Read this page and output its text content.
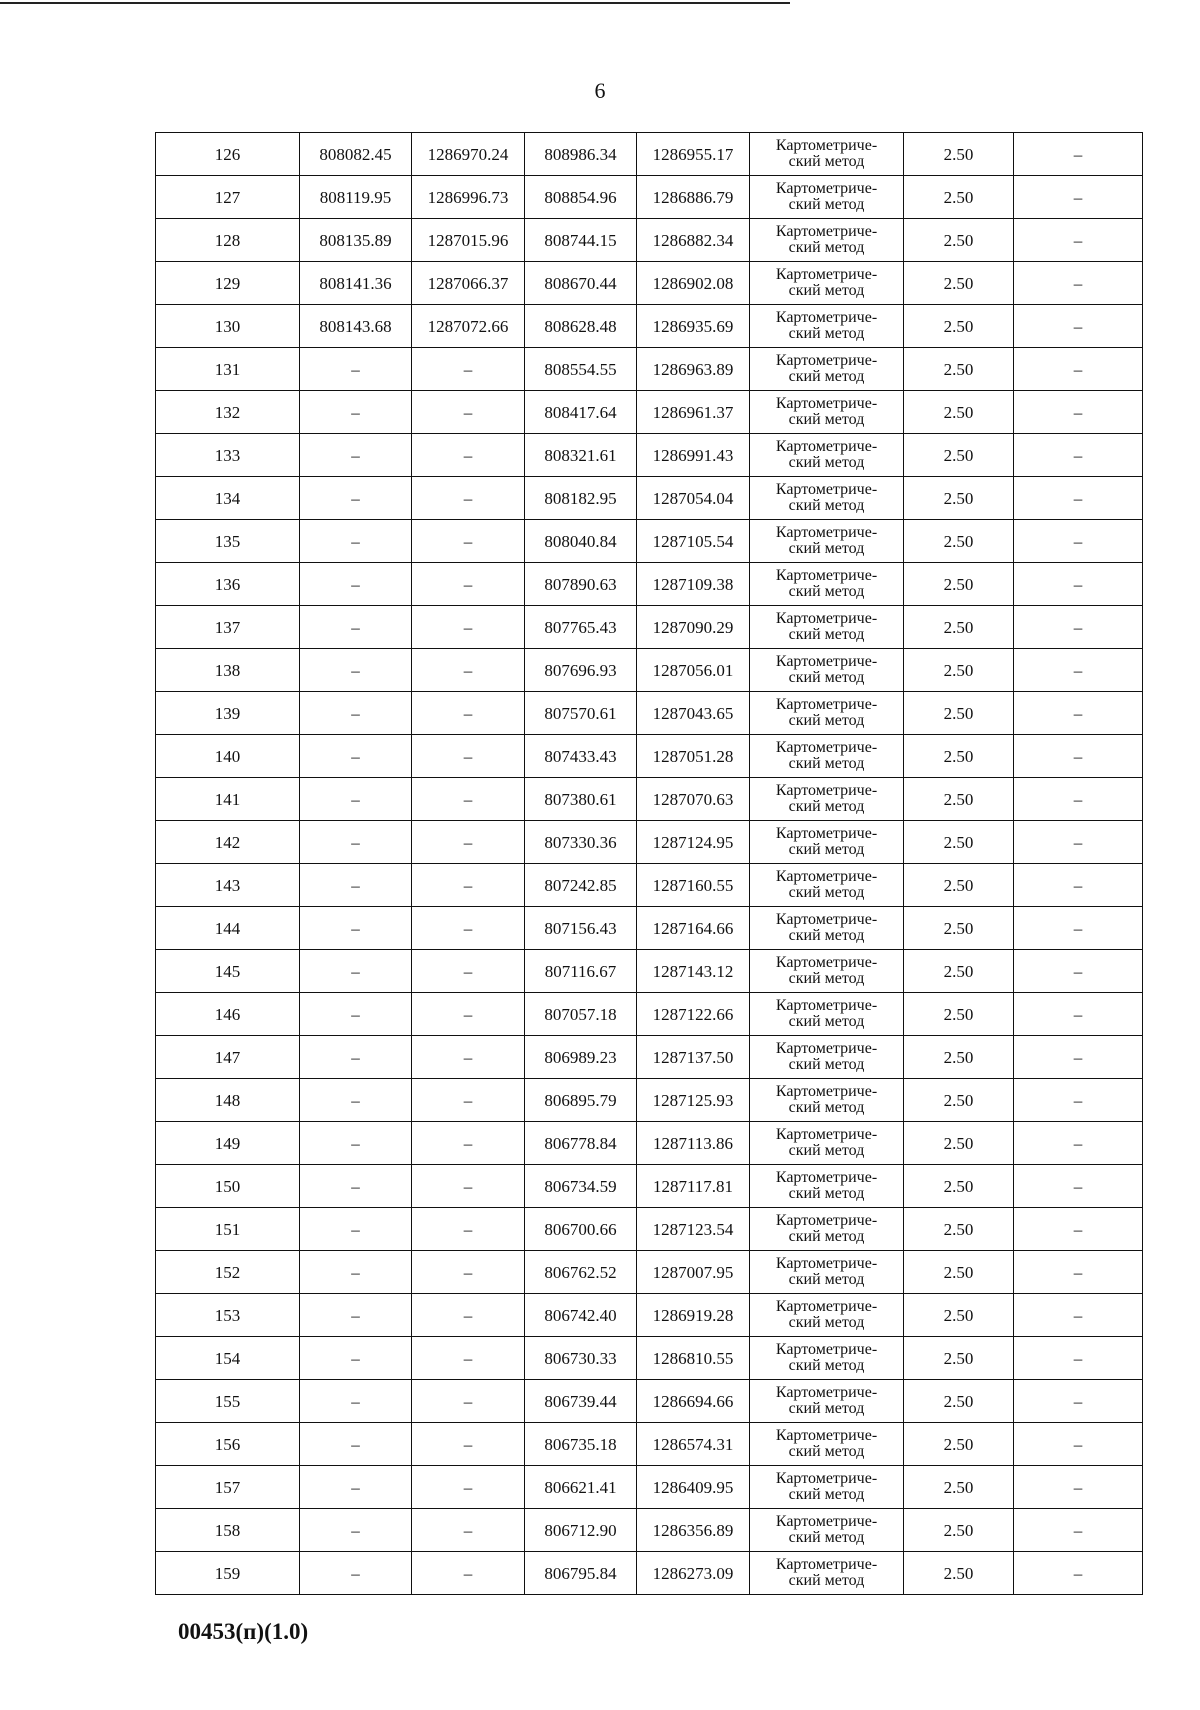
6
126	808082.45	1286970.24	808986.34	1286955.17	Картометриче-ский метод	2.50	–
127	808119.95	1286996.73	808854.96	1286886.79	Картометриче-ский метод	2.50	–
128	808135.89	1287015.96	808744.15	1286882.34	Картометриче-ский метод	2.50	–
129	808141.36	1287066.37	808670.44	1286902.08	Картометриче-ский метод	2.50	–
130	808143.68	1287072.66	808628.48	1286935.69	Картометриче-ский метод	2.50	–
131	–	–	808554.55	1286963.89	Картометриче-ский метод	2.50	–
132	–	–	808417.64	1286961.37	Картометриче-ский метод	2.50	–
133	–	–	808321.61	1286991.43	Картометриче-ский метод	2.50	–
134	–	–	808182.95	1287054.04	Картометриче-ский метод	2.50	–
135	–	–	808040.84	1287105.54	Картометриче-ский метод	2.50	–
136	–	–	807890.63	1287109.38	Картометриче-ский метод	2.50	–
137	–	–	807765.43	1287090.29	Картометриче-ский метод	2.50	–
138	–	–	807696.93	1287056.01	Картометриче-ский метод	2.50	–
139	–	–	807570.61	1287043.65	Картометриче-ский метод	2.50	–
140	–	–	807433.43	1287051.28	Картометриче-ский метод	2.50	–
141	–	–	807380.61	1287070.63	Картометриче-ский метод	2.50	–
142	–	–	807330.36	1287124.95	Картометриче-ский метод	2.50	–
143	–	–	807242.85	1287160.55	Картометриче-ский метод	2.50	–
144	–	–	807156.43	1287164.66	Картометриче-ский метод	2.50	–
145	–	–	807116.67	1287143.12	Картометриче-ский метод	2.50	–
146	–	–	807057.18	1287122.66	Картометриче-ский метод	2.50	–
147	–	–	806989.23	1287137.50	Картометриче-ский метод	2.50	–
148	–	–	806895.79	1287125.93	Картометриче-ский метод	2.50	–
149	–	–	806778.84	1287113.86	Картометриче-ский метод	2.50	–
150	–	–	806734.59	1287117.81	Картометриче-ский метод	2.50	–
151	–	–	806700.66	1287123.54	Картометриче-ский метод	2.50	–
152	–	–	806762.52	1287007.95	Картометриче-ский метод	2.50	–
153	–	–	806742.40	1286919.28	Картометриче-ский метод	2.50	–
154	–	–	806730.33	1286810.55	Картометриче-ский метод	2.50	–
155	–	–	806739.44	1286694.66	Картометриче-ский метод	2.50	–
156	–	–	806735.18	1286574.31	Картометриче-ский метод	2.50	–
157	–	–	806621.41	1286409.95	Картометриче-ский метод	2.50	–
158	–	–	806712.90	1286356.89	Картометриче-ский метод	2.50	–
159	–	–	806795.84	1286273.09	Картометриче-ский метод	2.50	–
00453(п)(1.0)
